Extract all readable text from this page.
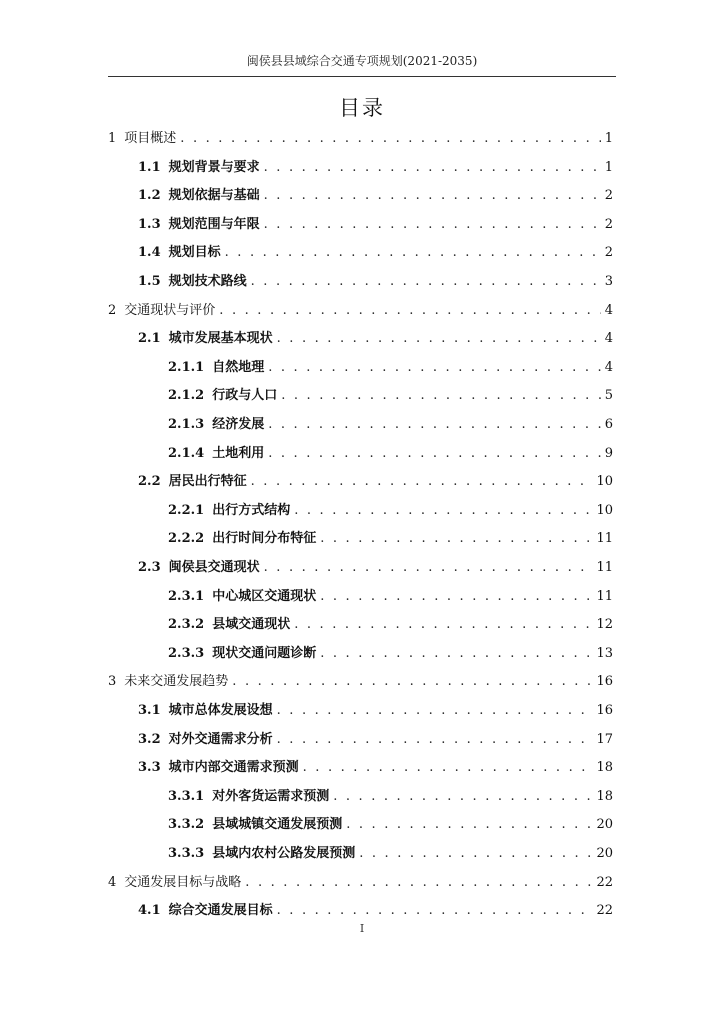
闽侯县县域综合交通专项规划(2021-2035)
目录
1 项目概述 . . .	1
1.1 规划背景与要求 . . .	1
1.2 规划依据与基础 . . .	2
1.3 规划范围与年限 . . .	2
1.4 规划目标 . . .	2
1.5 规划技术路线 . . .	3
2 交通现状与评价 . . .	4
2.1 城市发展基本现状 . . .	4
2.1.1 自然地理 . . .	4
2.1.2 行政与人口 . . .	5
2.1.3 经济发展 . . .	6
2.1.4 土地利用 . . .	9
2.2 居民出行特征 . . .	10
2.2.1 出行方式结构 . . .	10
2.2.2 出行时间分布特征 . . .	11
2.3 闽侯县交通现状 . . .	11
2.3.1 中心城区交通现状 . . .	11
2.3.2 县域交通现状 . . .	12
2.3.3 现状交通问题诊断 . . .	13
3 未来交通发展趋势 . . .	16
3.1 城市总体发展设想 . . .	16
3.2 对外交通需求分析 . . .	17
3.3 城市内部交通需求预测 . . .	18
3.3.1 对外客货运需求预测 . . .	18
3.3.2 县域城镇交通发展预测 . . .	20
3.3.3 县域内农村公路发展预测 . . .	20
4 交通发展目标与战略 . . .	22
4.1 综合交通发展目标 . . .	22
I
